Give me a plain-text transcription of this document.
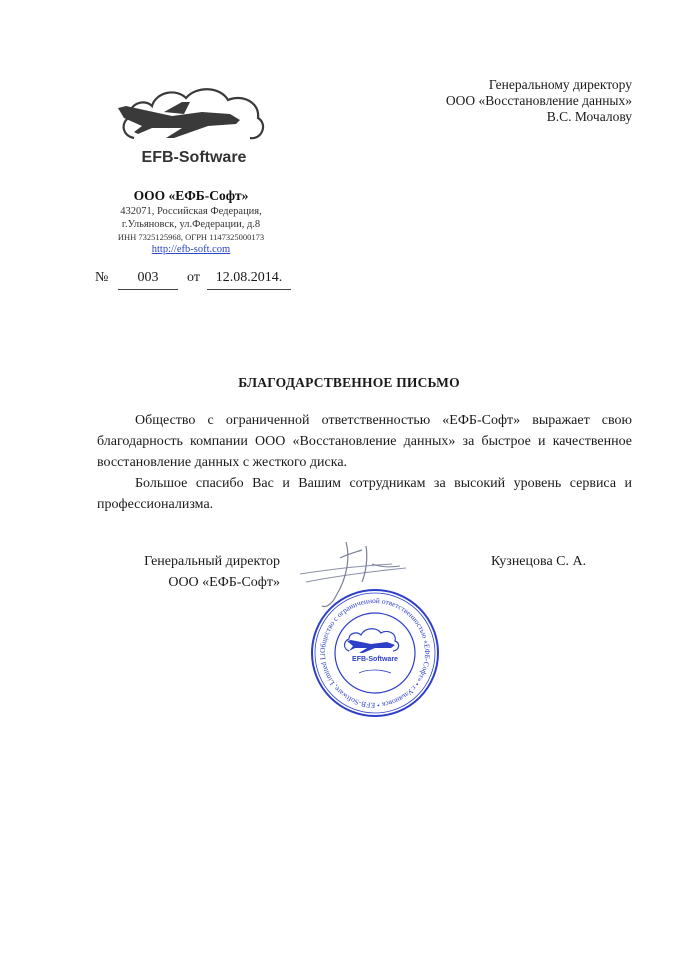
Генеральному директору
ООО «Восстановление данных»
В.С. Мочалову
EFB-Software
ООО «ЕФБ-Софт»
432071, Российская Федерация,
г.Ульяновск, ул.Федерации, д.8
ИНН 7325125968, ОГРН 1147325000173
http://efb-soft.com
№	003	от	12.08.2014.
БЛАГОДАРСТВЕННОЕ ПИСЬМО

Общество с ограниченной ответственностью «ЕФБ-Софт» выражает свою благодарность компании ООО «Восстановление данных» за быстрое и качественное восстановление данных с жесткого диска.

Большое спасибо Вас и Вашим сотрудникам за высокий уровень сервиса и профессионализма.

Генеральный директор
ООО «ЕФБ-Софт»
Общество с ограниченной ответственностью «ЕФБ-Софт» • г.Ульяновск • EFB-Software, Limited Li
EFB-Software
Кузнецова С. А.
